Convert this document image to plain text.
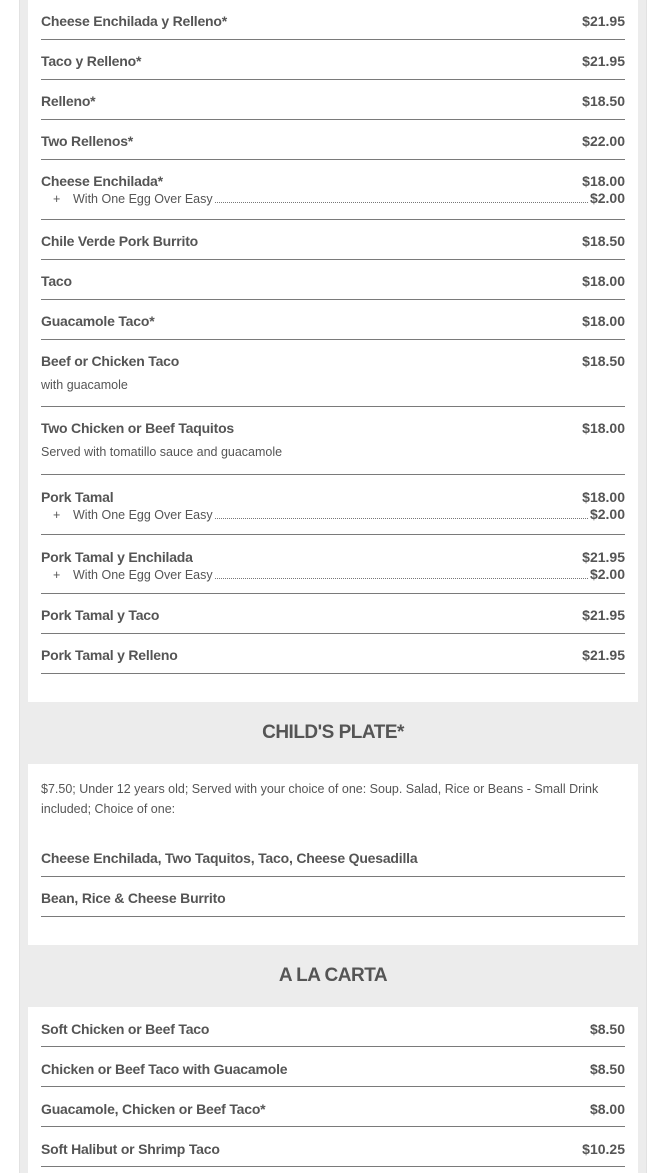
Cheese Enchilada y Relleno*	$21.95
Taco y Relleno*	$21.95
Relleno*	$18.50
Two Rellenos*	$22.00
Cheese Enchilada*	$18.00
+	With One Egg Over Easy	$2.00
Chile Verde Pork Burrito	$18.50
Taco	$18.00
Guacamole Taco*	$18.00
Beef or Chicken Taco	$18.50
with guacamole
Two Chicken or Beef Taquitos	$18.00
Served with tomatillo sauce and guacamole
Pork Tamal	$18.00
+	With One Egg Over Easy	$2.00
Pork Tamal y Enchilada	$21.95
+	With One Egg Over Easy	$2.00
Pork Tamal y Taco	$21.95
Pork Tamal y Relleno	$21.95
CHILD'S PLATE*
$7.50; Under 12 years old; Served with your choice of one: Soup. Salad, Rice or Beans - Small Drink included; Choice of one:
Cheese Enchilada, Two Taquitos, Taco, Cheese Quesadilla
Bean, Rice & Cheese Burrito
A LA CARTA
Soft Chicken or Beef Taco	$8.50
Chicken or Beef Taco with Guacamole	$8.50
Guacamole, Chicken or Beef Taco*	$8.00
Soft Halibut or Shrimp Taco	$10.25
